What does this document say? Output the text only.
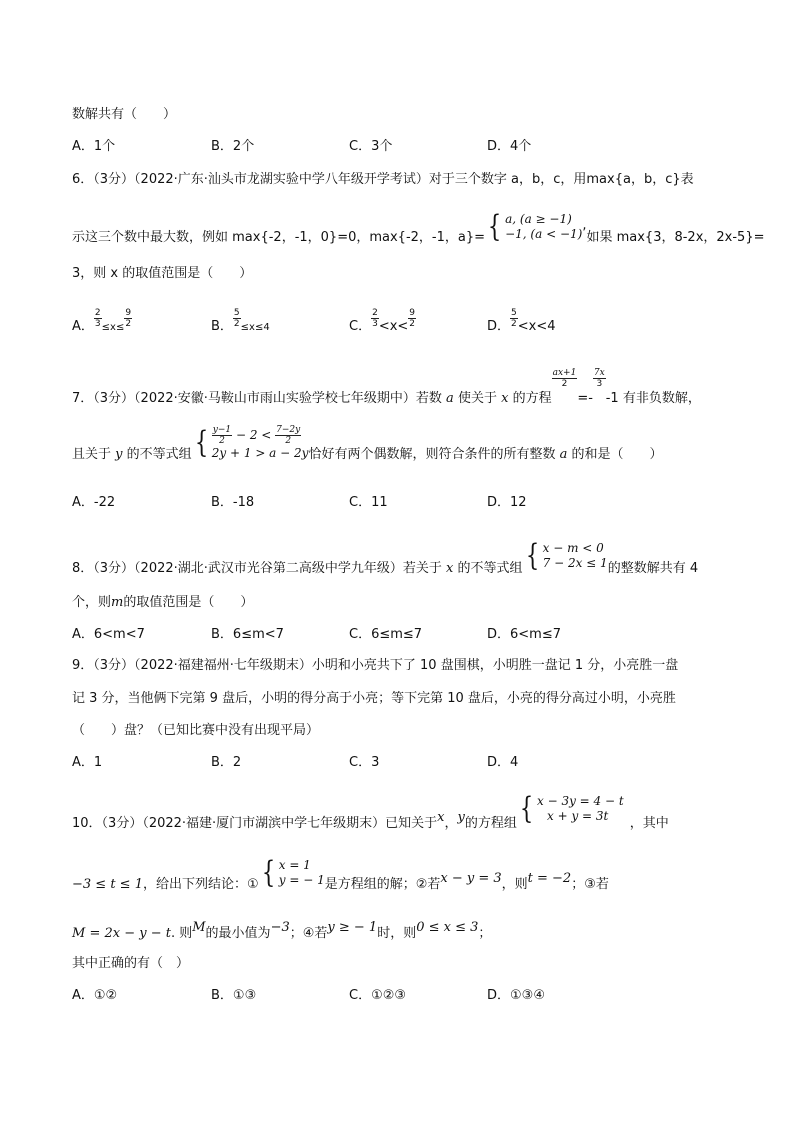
数解共有（　　）
A．1个	B．2个	C．3个	D．4个
6．（3分）（2022·广东·汕头市龙湖实验中学八年级开学考试）对于三个数字 a，b，c，用max{a，b，c}表
示这三个数中最大数，例如 max{-2，-1，0}=0，max{-2，-1，a}= { a, (a ≥ −1)
−1, (a < −1)
,如果 max{3，8-2x，2x-5}=
3，则 x 的取值范围是（　　）
A． $\frac{2}{3} \le x\le \frac{9}{2}$	B． $\frac{5}{2} \le x\le 4$	C． $\frac{2}{3} <x< \frac{9}{2}$	D． $\frac{5}{2} <x<4$
7．（3分）（2022·安徽·马鞍山市雨山实验学校七年级期中）若数 a 使关于 x 的方程
$\frac{ax+1}{2}$
=-
$\frac{7x}{3}$
-1 有非负数解，
且关于 y 的不等式组 { $\frac{y-1}{2} - 2 < \frac{7-2y}{2}$
2y + 1 > a − 2y 恰好有两个偶数解，则符合条件的所有整数 a 的和是（　　）
A．-22	B．-18	C．11	D．12
8．（3分）（2022·湖北·武汉市光谷第二高级中学九年级）若关于 x 的不等式组 { x − m < 0
7 − 2x ≤ 1 的整数解共有 4
个，则m的取值范围是（　　）
A．6<m<7	B．6≤m<7	C．6≤m≤7	D．6<m≤7
9．（3分）（2022·福建福州·七年级期末）小明和小亮共下了 10 盘围棋，小明胜一盘记 1 分，小亮胜一盘
记 3 分，当他俩下完第 9 盘后，小明的得分高于小亮；等下完第 10 盘后，小亮的得分高过小明，小亮胜
（　　）盘？（已知比赛中没有出现平局）
A．1	B．2	C．3	D．4
10．（3分）（2022·福建·厦门市湖滨中学七年级期末）已知关于x，y的方程组 { x − 3y = 4 − t
x + y = 3t
，其中
−3 ≤ t ≤ 1，给出下列结论：① { x = 1
y = − 1 是方程组的解；②若x − y = 3，则t = −2；③若
M = 2x − y − t. 则M的最小值为−3；④若y ≥ − 1时，则0 ≤ x ≤ 3；
其中正确的有（　）
A．①②	B．①③	C．①②③	D．①③④
